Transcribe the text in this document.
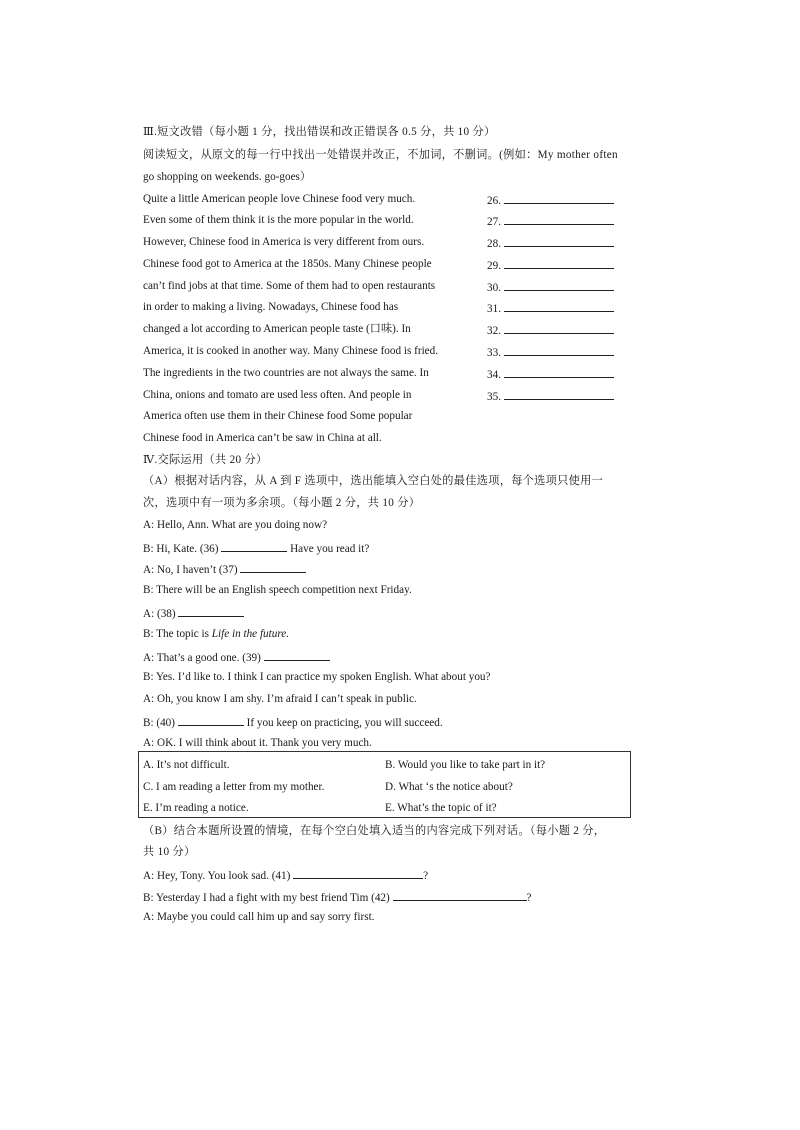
Ⅲ.短文改错（每小题 1 分，找出错误和改正错误各 0.5 分，共 10 分）
阅读短文，从原文的每一行中找出一处错误并改正，不加词，不删词。(例如：My mother often
go shopping on weekends. go-goes）
Quite a little American people love Chinese food very much.
Even some of them think it is the more popular in the world.
However, Chinese food in America is very different from ours.
Chinese food got to America at the 1850s. Many Chinese people
can’t find jobs at that time. Some of them had to open restaurants
in order to making a living. Nowadays, Chinese food has
changed a lot according to American people taste (口味). In
America, it is cooked in another way. Many Chinese food is fried.
The ingredients in the two countries are not always the same. In
China, onions and tomato are used less often. And people in
America often use them in their Chinese food Some popular
Chinese food in America can’t be saw in China at all.
26.
27.
28.
29.
30.
31.
32.
33.
34.
35.
Ⅳ.交际运用（共 20 分）
（A）根据对话内容，从 A 到 F 选项中，选出能填入空白处的最佳选项，每个选项只使用一
次，选项中有一项为多余项。（每小题 2 分，共 10 分）
A: Hello, Ann. What are you doing now?
B: Hi, Kate. (36)	Have you read it?
A: No, I haven’t (37)
B: There will be an English speech competition next Friday.
A: (38)
B: The topic is Life in the future.
A: That’s a good one. (39)
B: Yes. I’d like to. I think I can practice my spoken English. What about you?
A: Oh, you know I am shy. I’m afraid I can’t speak in public.
B: (40)	If you keep on practicing, you will succeed.
A: OK. I will think about it. Thank you very much.
A. It’s not difficult.	B. Would you like to take part in it?
C. I am reading a letter from my mother.	D. What ‘s the notice about?
E. I’m reading a notice.	E. What’s the topic of it?
（B）结合本题所设置的情境，在每个空白处填入适当的内容完成下列对话。（每小题 2 分，
共 10 分）
A: Hey, Tony. You look sad. (41)	?
B: Yesterday I had a fight with my best friend Tim (42)	?
A: Maybe you could call him up and say sorry first.
